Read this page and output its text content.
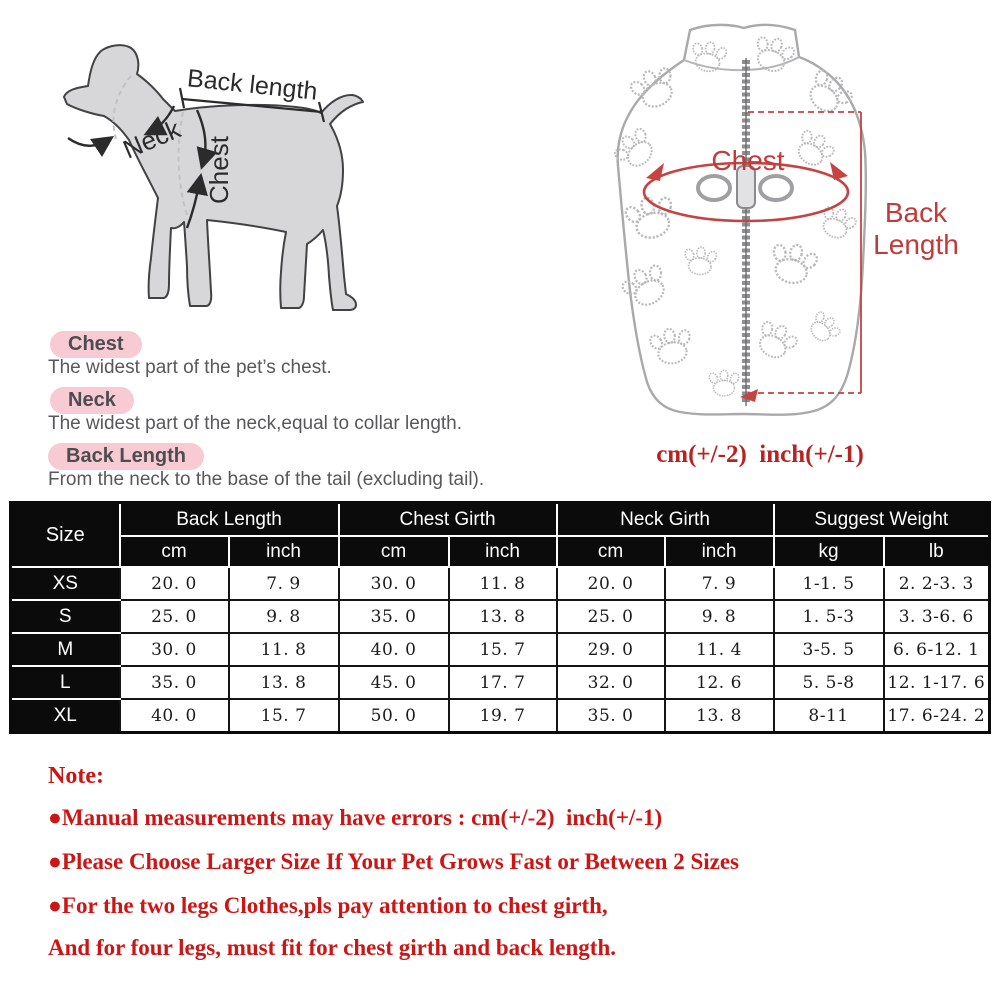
Back length
Neck Chest	Chest
Back
Length
cm(+/-2)  inch(+/-1)
Chest
The widest part of the pet’s chest.
Neck
The widest part of the neck,equal to collar length.
Back Length
From the neck to the base of the tail (excluding tail).
Size	Back Length		Chest Girth		Neck Girth		Suggest Weight	
	cm	inch	cm	inch	cm	inch	kg	lb
XS	20. 0	7. 9	30. 0	11. 8	20. 0	7. 9	1-1. 5	2. 2-3. 3
S	25. 0	9. 8	35. 0	13. 8	25. 0	9. 8	1. 5-3	3. 3-6. 6
M	30. 0	11. 8	40. 0	15. 7	29. 0	11. 4	3-5. 5	6. 6-12. 1
L	35. 0	13. 8	45. 0	17. 7	32. 0	12. 6	5. 5-8	12. 1-17. 6
XL	40. 0	15. 7	50. 0	19. 7	35. 0	13. 8	8-11	17. 6-24. 2
Note:
●Manual measurements may have errors : cm(+/-2)  inch(+/-1)
●Please Choose Larger Size If Your Pet Grows Fast or Between 2 Sizes
●For the two legs Clothes,pls pay attention to chest girth,
And for four legs, must fit for chest girth and back length.
